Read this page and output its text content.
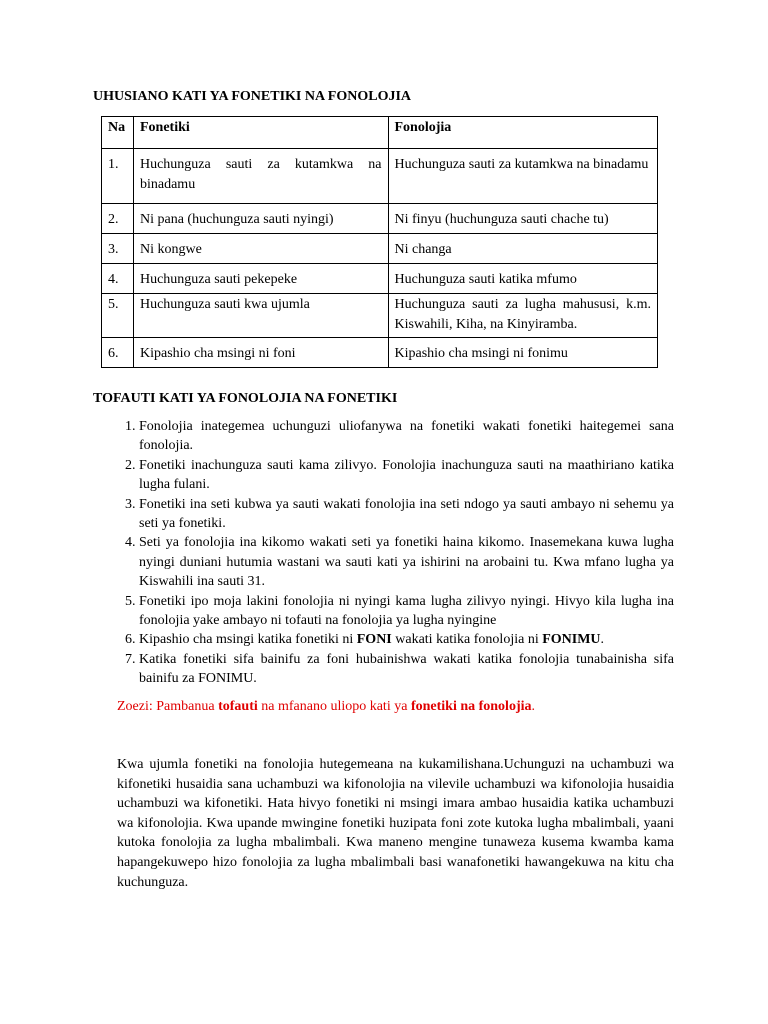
UHUSIANO KATI YA FONETIKI NA FONOLOJIA
Na	Fonetiki	Fonolojia
1.	Huchunguza sauti za kutamkwa na binadamu	Huchunguza sauti za kutamkwa na binadamu
2.	Ni pana (huchunguza sauti nyingi)	Ni finyu (huchunguza sauti chache tu)
3.	Ni kongwe	Ni changa
4.	Huchunguza sauti pekepeke	Huchunguza sauti katika mfumo
5.	Huchunguza sauti kwa ujumla	Huchunguza sauti za lugha mahususi, k.m. Kiswahili, Kiha, na Kinyiramba.
6.	Kipashio cha msingi ni foni	Kipashio cha msingi ni fonimu
TOFAUTI KATI YA FONOLOJIA NA FONETIKI
1. Fonolojia inategemea uchunguzi uliofanywa na fonetiki wakati fonetiki haitegemei sana fonolojia.
2. Fonetiki inachunguza sauti kama zilivyo. Fonolojia inachunguza sauti na maathiriano katika lugha fulani.
3. Fonetiki ina seti kubwa ya sauti wakati fonolojia ina seti ndogo ya sauti ambayo ni sehemu ya seti ya fonetiki.
4. Seti ya fonolojia ina kikomo wakati seti ya fonetiki haina kikomo. Inasemekana kuwa lugha nyingi duniani hutumia wastani wa sauti kati ya ishirini na arobaini tu. Kwa mfano lugha ya Kiswahili ina sauti 31.
5. Fonetiki ipo moja lakini fonolojia ni nyingi kama lugha zilivyo nyingi. Hivyo kila lugha ina fonolojia yake ambayo ni tofauti na fonolojia ya lugha nyingine
6. Kipashio cha msingi katika fonetiki ni FONI wakati katika fonolojia ni FONIMU.
7. Katika fonetiki sifa bainifu za foni hubainishwa wakati katika fonolojia tunabainisha sifa bainifu za FONIMU.
Zoezi: Pambanua tofauti na mfanano uliopo kati ya fonetiki na fonolojia.
Kwa ujumla fonetiki na fonolojia hutegemeana na kukamilishana.Uchunguzi na uchambuzi wa kifonetiki husaidia sana uchambuzi wa kifonolojia na vilevile uchambuzi wa kifonolojia husaidia uchambuzi wa kifonetiki. Hata hivyo fonetiki ni msingi imara ambao husaidia katika uchambuzi wa kifonolojia. Kwa upande mwingine fonetiki huzipata foni zote kutoka lugha mbalimbali, yaani kutoka fonolojia za lugha mbalimbali. Kwa maneno mengine tunaweza kusema kwamba kama hapangekuwepo hizo fonolojia za lugha mbalimbali basi wanafonetiki hawangekuwa na kitu cha kuchunguza.
